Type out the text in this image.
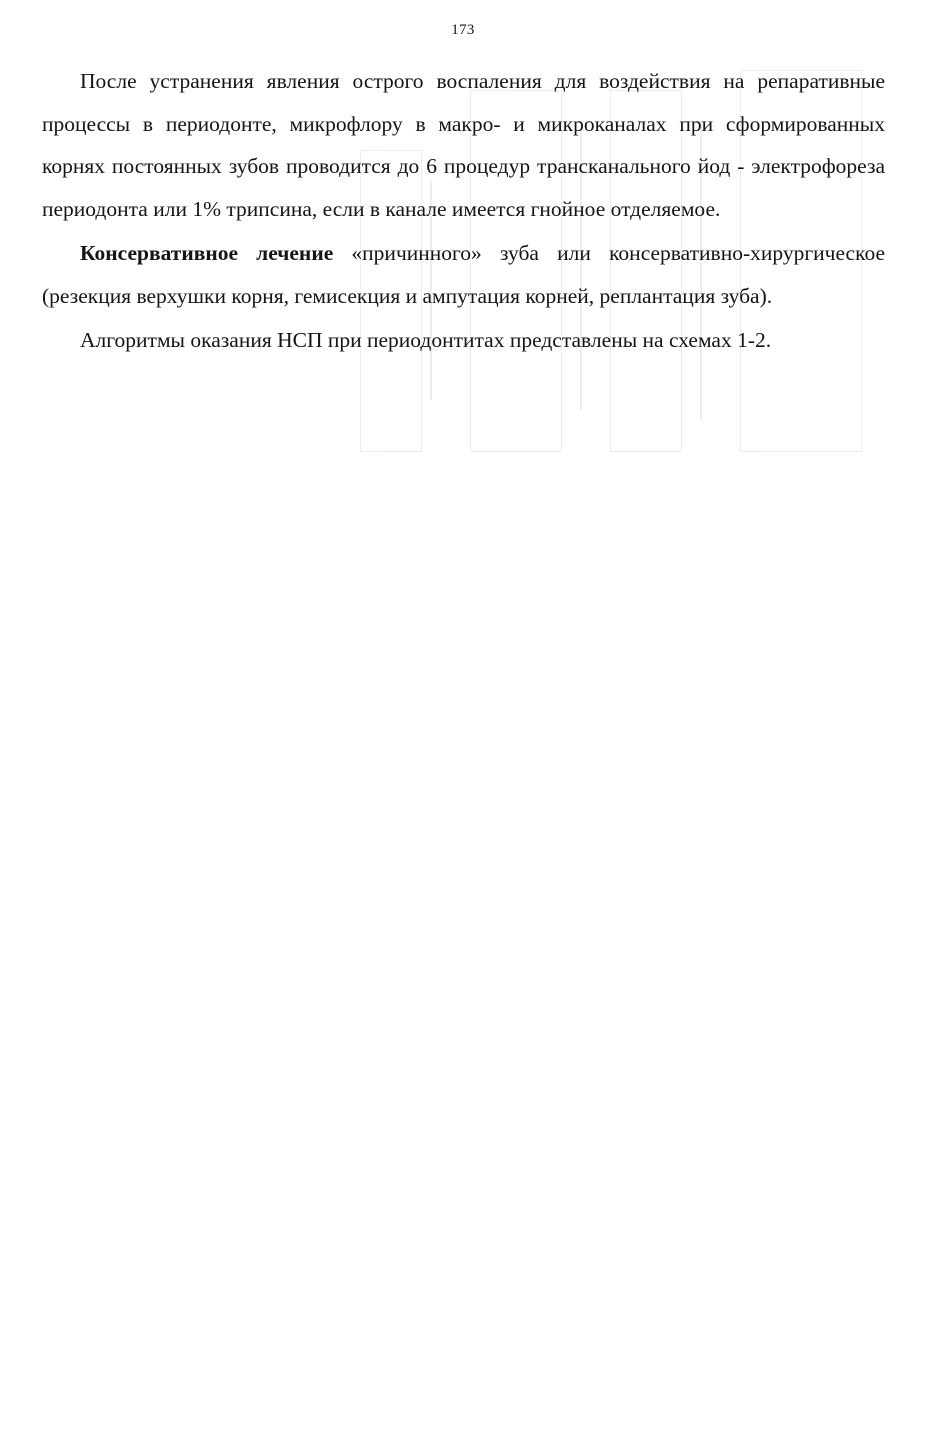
173

После устранения явления острого воспаления для воздействия на репаративные процессы в периодонте, микрофлору в макро- и микроканалах при сформированных корнях постоянных зубов проводится до 6 процедур трансканального йод - электрофореза периодонта или 1% трипсина, если в канале имеется гнойное отделяемое.

Консервативное лечение «причинного» зуба или консервативно-хирургическое (резекция верхушки корня, гемисекция и ампутация корней, реплантация зуба).

Алгоритмы оказания НСП при периодонтитах представлены на схемах 1-2.
